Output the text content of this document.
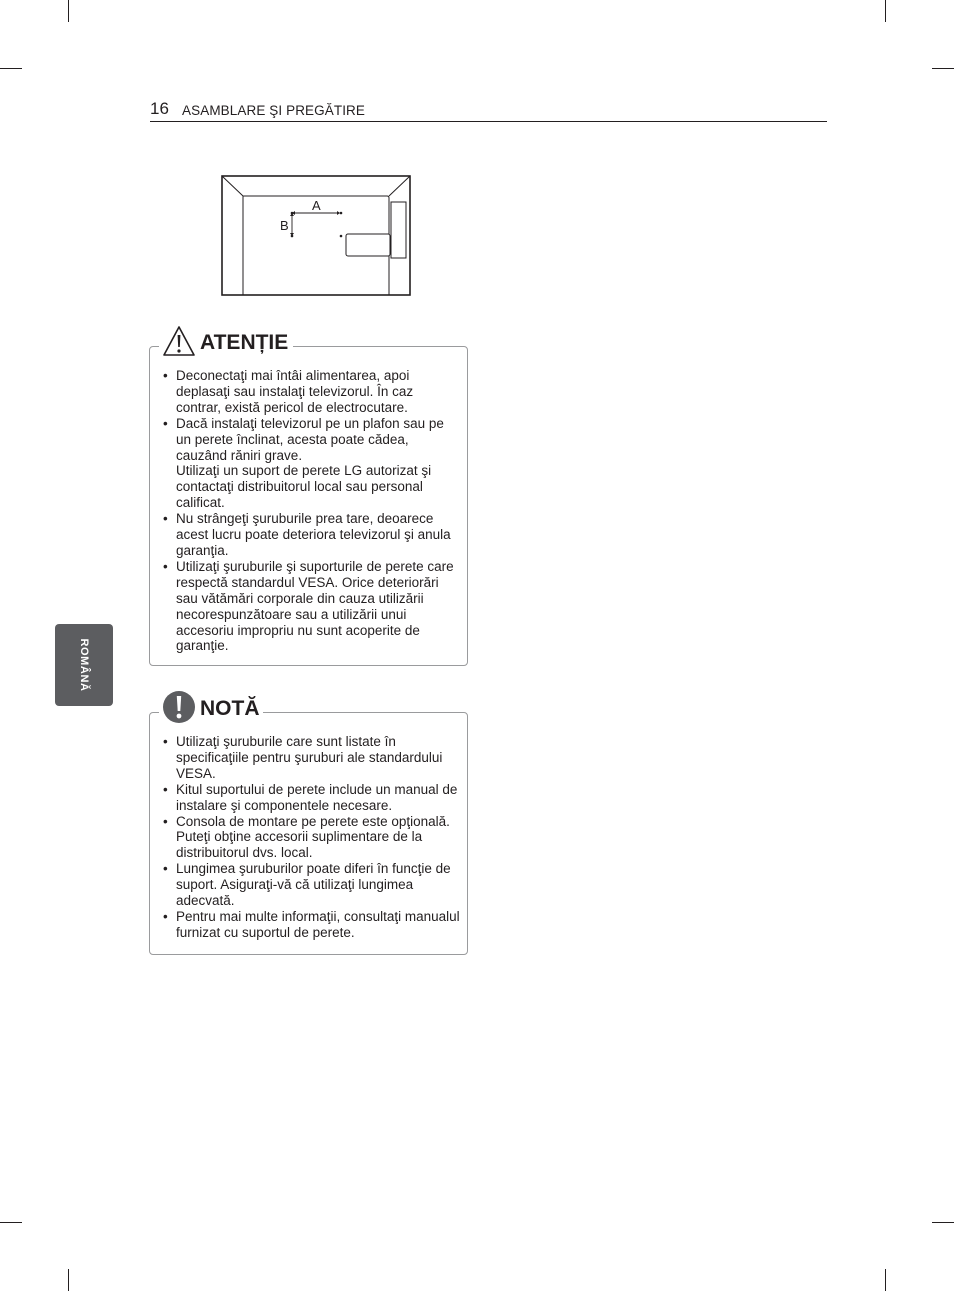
16 ASAMBLARE ŞI PREGĂTIRE
ROMÂNĂ
A
B
ATENȚIE
• Deconectaţi mai întâi alimentarea, apoi deplasaţi sau instalaţi televizorul. În caz contrar, există pericol de electrocutare.
• Dacă instalaţi televizorul pe un plafon sau pe un perete înclinat, acesta poate cădea, cauzând răniri grave.
Utilizaţi un suport de perete LG autorizat şi contactaţi distribuitorul local sau personal calificat.
• Nu strângeţi şuruburile prea tare, deoarece acest lucru poate deteriora televizorul şi anula garanţia.
• Utilizaţi şuruburile şi suporturile de perete care respectă standardul VESA. Orice deteriorări sau vătămări corporale din cauza utilizării necorespunzătoare sau a utilizării unui accesoriu impropriu nu sunt acoperite de garanţie.
NOTĂ
• Utilizaţi şuruburile care sunt listate în specificaţiile pentru şuruburi ale standardului VESA.
• Kitul suportului de perete include un manual de instalare şi componentele necesare.
• Consola de montare pe perete este opţională. Puteţi obţine accesorii suplimentare de la distribuitorul dvs. local.
• Lungimea şuruburilor poate diferi în funcţie de suport. Asiguraţi-vă că utilizaţi lungimea adecvată.
• Pentru mai multe informaţii, consultaţi manualul furnizat cu suportul de perete.
